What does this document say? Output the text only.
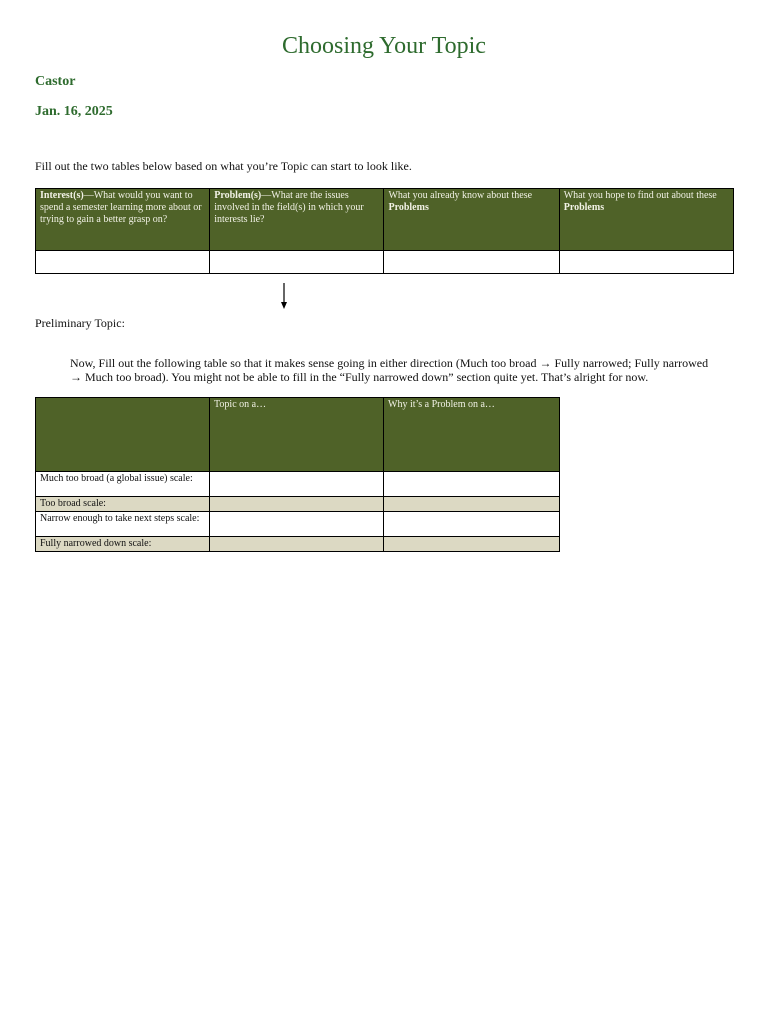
Choosing Your Topic
Castor
Jan. 16, 2025
Fill out the two tables below based on what you’re Topic can start to look like.
Interest(s)—What would you want to spend a semester learning more about or trying to gain a better grasp on?	Problem(s)—What are the issues involved in the field(s) in which your interests lie?	What you already know about these Problems	What you hope to find out about these Problems

Preliminary Topic:
Now, Fill out the following table so that it makes sense going in either direction (Much too broad → Fully narrowed; Fully narrowed → Much too broad). You might not be able to fill in the “Fully narrowed down” section quite yet. That’s alright for now.
	Topic on a…	Why it’s a Problem on a…
Much too broad (a global issue) scale:		
Too broad scale:		
Narrow enough to take next steps scale:		
Fully narrowed down scale:		
